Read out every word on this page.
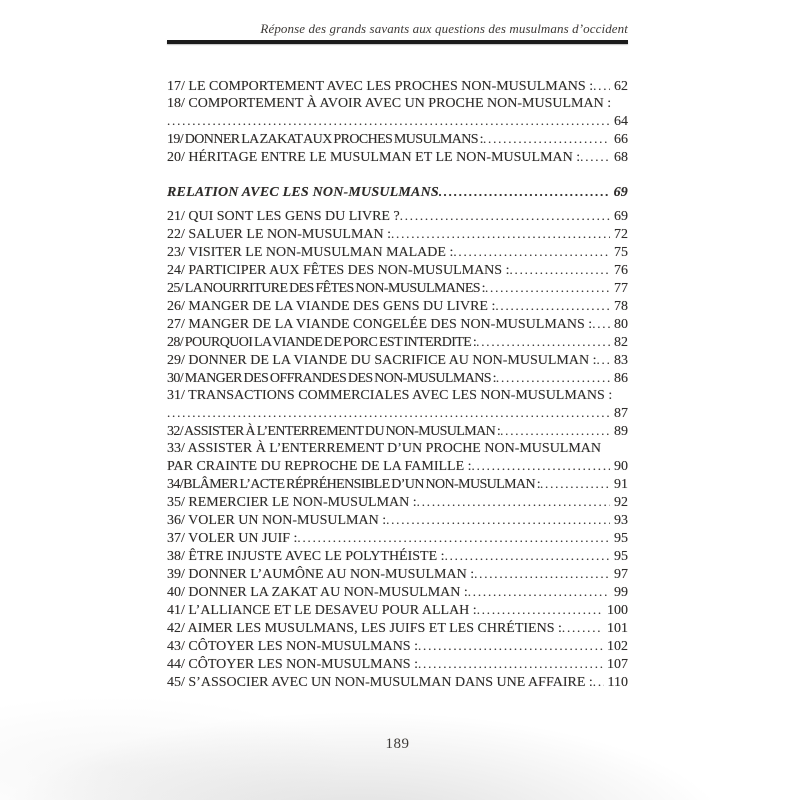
Réponse des grands savants aux questions des musulmans d’occident
17/ LE COMPORTEMENT AVEC LES PROCHES NON-MUSULMANS : ..... 62
18/ COMPORTEMENT À AVOIR AVEC UN PROCHE NON-MUSULMAN :
.....
64
19/ DONNER LA ZAKAT AUX PROCHES MUSULMANS : .....	66
20/ HÉRITAGE ENTRE LE MUSULMAN ET LE NON-MUSULMAN : ..... 68
RELATION AVEC LES NON-MUSULMANS .....	69
21/ QUI SONT LES GENS DU LIVRE ? .....	69
22/ SALUER LE NON-MUSULMAN : .....	72
23/ VISITER LE NON-MUSULMAN MALADE : .....	75
24/ PARTICIPER AUX FÊTES DES NON-MUSULMANS : .....	76
25/ LA NOURRITURE DES FÊTES NON-MUSULMANES : .....	77
26/ MANGER DE LA VIANDE DES GENS DU LIVRE : .....	78
27/ MANGER DE LA VIANDE CONGELÉE DES NON-MUSULMANS : ..... 80
28/ POURQUOI LA VIANDE DE PORC EST INTERDITE : .....	82
29/ DONNER DE LA VIANDE DU SACRIFICE AU NON-MUSULMAN : ..... 83
30/ MANGER DES OFFRANDES DES NON-MUSULMANS : .....	86
31/ TRANSACTIONS COMMERCIALES AVEC LES NON-MUSULMANS :
.....
87
32/ ASSISTER À L’ENTERREMENT DU NON-MUSULMAN : .....	89
33/ ASSISTER À L’ENTERREMENT D’UN PROCHE NON-MUSULMAN
PAR CRAINTE DU REPROCHE DE LA FAMILLE : .....	90
34/BLÂMER L’ACTE RÉPRÉHENSIBLE D’UN NON-MUSULMAN : .....	91
35/ REMERCIER LE NON-MUSULMAN : .....	92
36/ VOLER UN NON-MUSULMAN : .....	93
37/ VOLER UN JUIF : .....	95
38/ ÊTRE INJUSTE AVEC LE POLYTHÉISTE : .....	95
39/ DONNER L’AUMÔNE AU NON-MUSULMAN : .....	97
40/ DONNER LA ZAKAT AU NON-MUSULMAN : .....	99
41/ L’ALLIANCE ET LE DESAVEU POUR ALLAH : .....	100
42/ AIMER LES MUSULMANS, LES JUIFS ET LES CHRÉTIENS : .....	101
43/ CÔTOYER LES NON-MUSULMANS : .....	102
44/ CÔTOYER LES NON-MUSULMANS : .....	107
45/ S’ASSOCIER AVEC UN NON-MUSULMAN DANS UNE AFFAIRE : ..... 110
189
